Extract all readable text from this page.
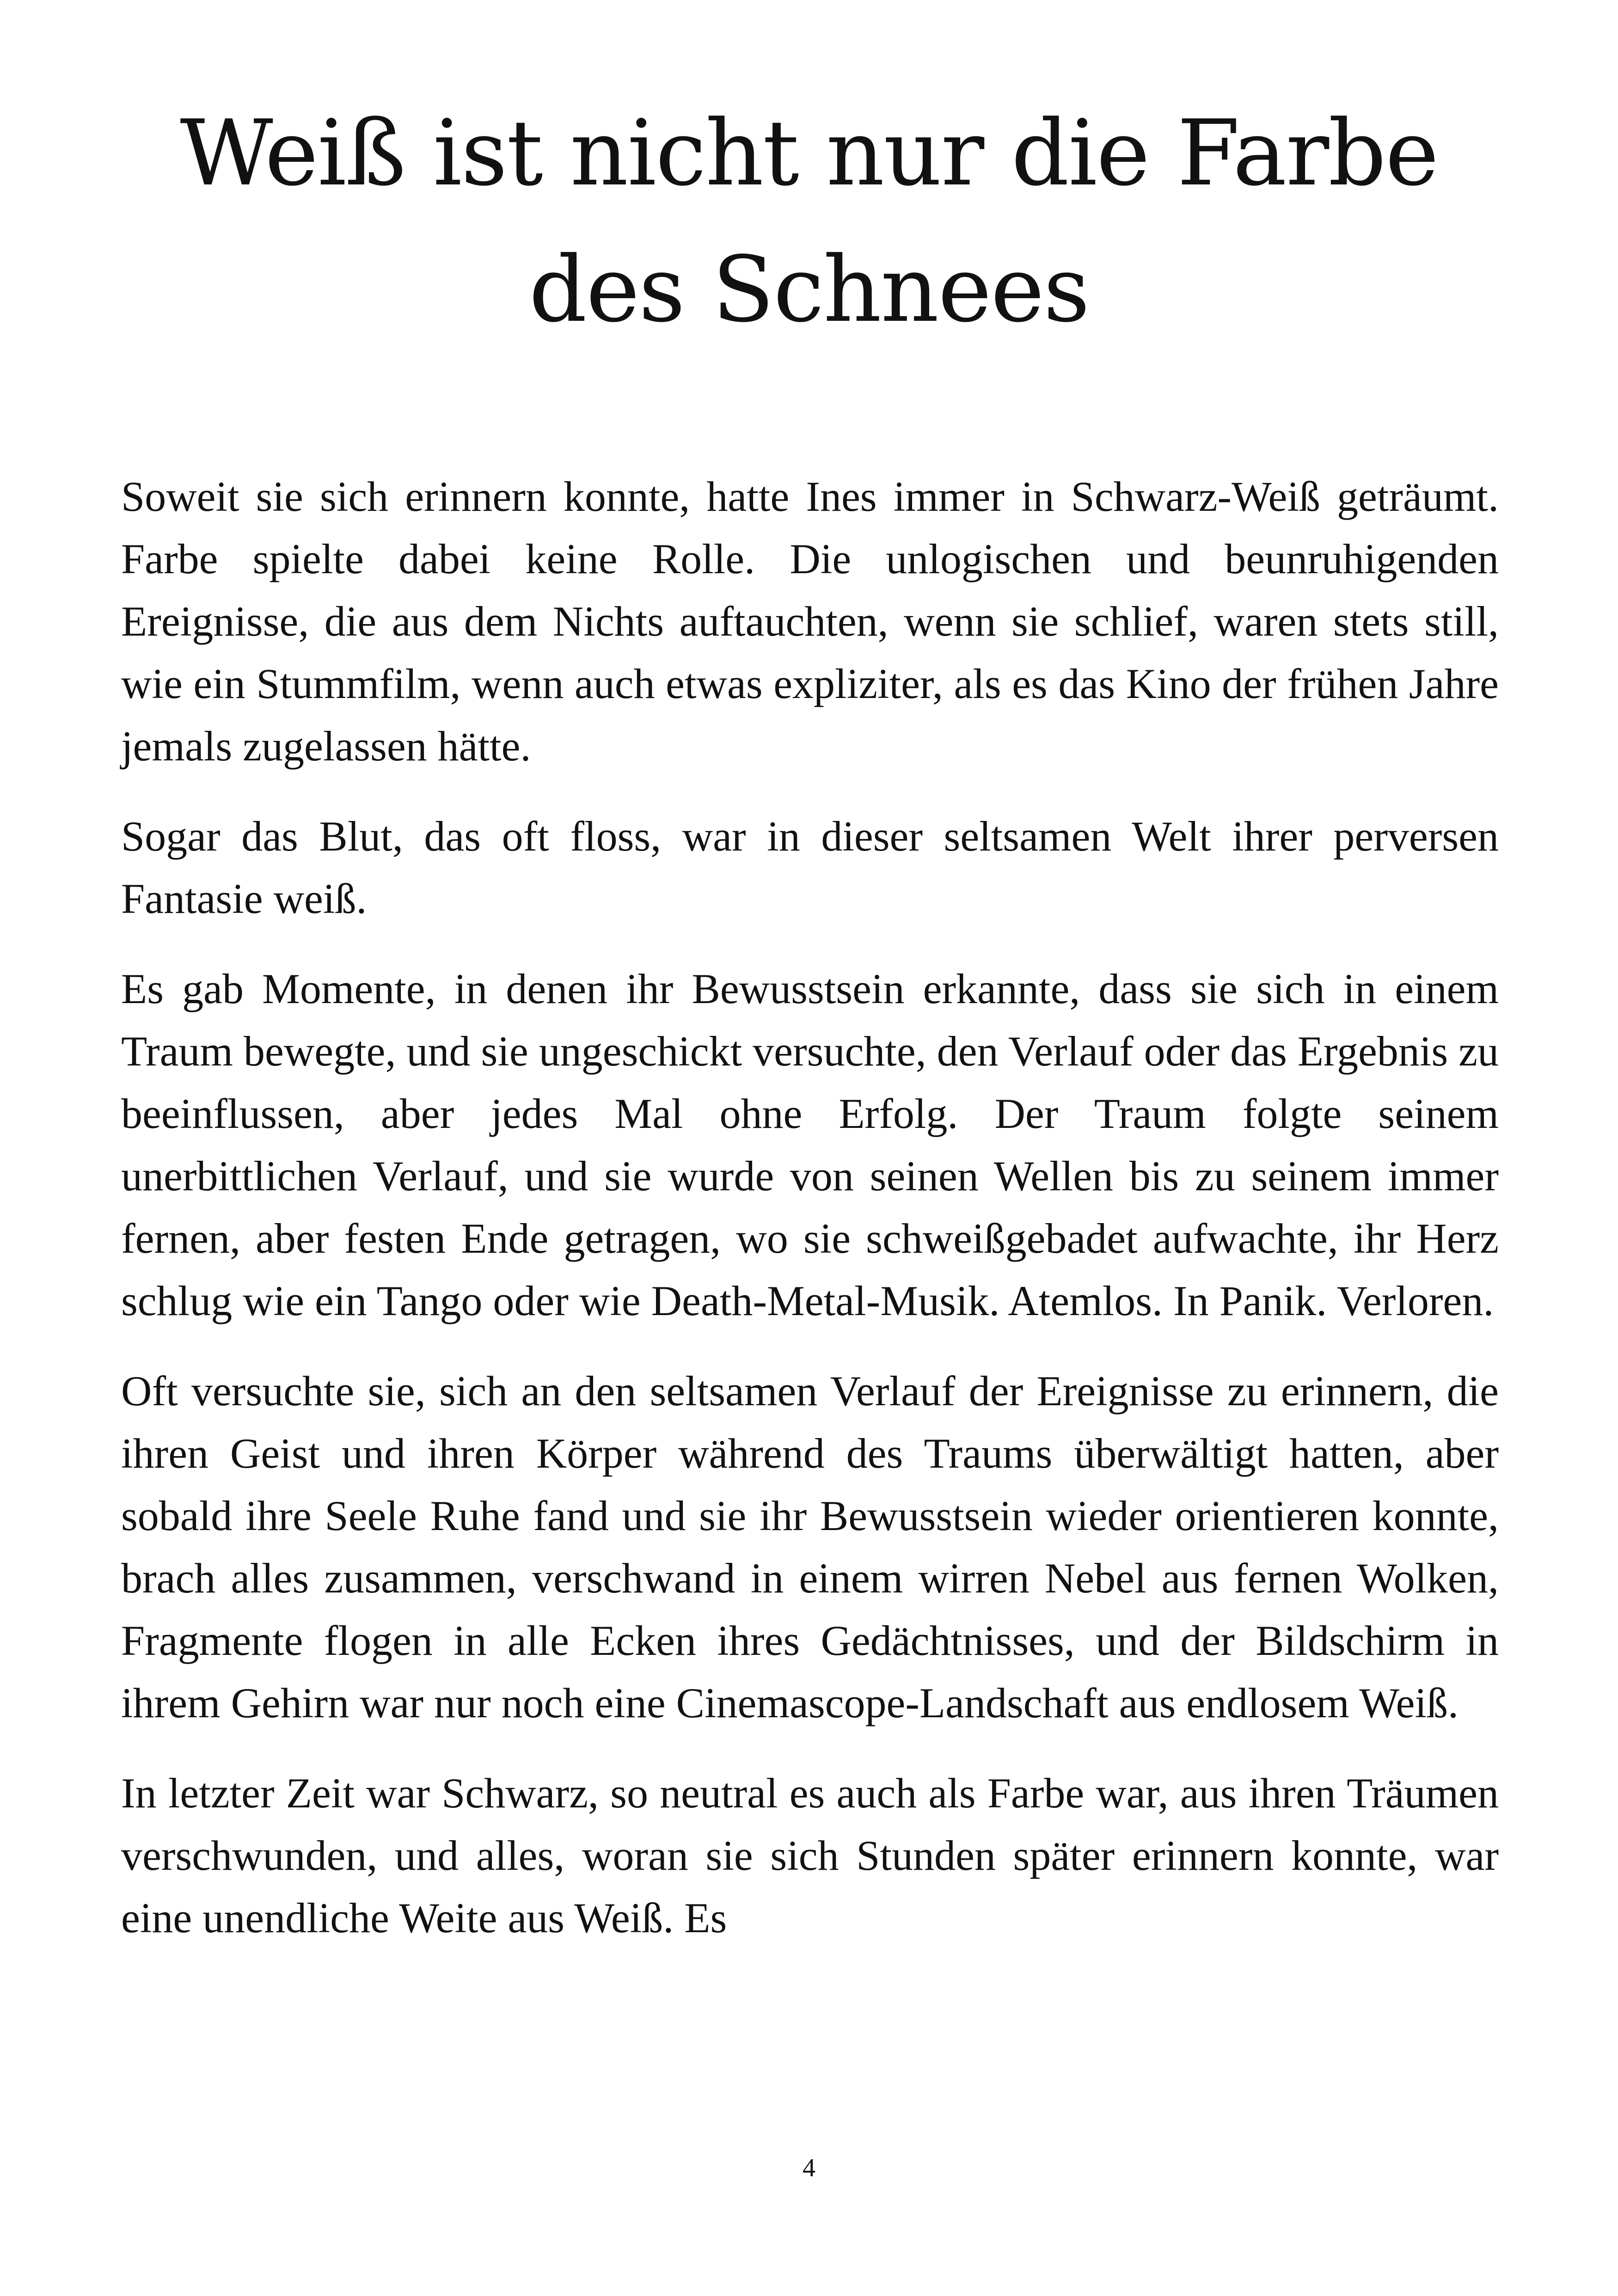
Weiß ist nicht nur die Farbe des Schnees

Soweit sie sich erinnern konnte, hatte Ines immer in Schwarz-Weiß geträumt. Farbe spielte dabei keine Rolle. Die unlogischen und beunruhigenden Ereignisse, die aus dem Nichts auftauchten, wenn sie schlief, waren stets still, wie ein Stummfilm, wenn auch etwas expliziter, als es das Kino der frühen Jahre jemals zugelassen hätte.

Sogar das Blut, das oft floss, war in dieser seltsamen Welt ihrer perversen Fantasie weiß.

Es gab Momente, in denen ihr Bewusstsein erkannte, dass sie sich in einem Traum bewegte, und sie ungeschickt versuchte, den Verlauf oder das Ergebnis zu beeinflussen, aber jedes Mal ohne Erfolg. Der Traum folgte seinem unerbittlichen Verlauf, und sie wurde von seinen Wellen bis zu seinem immer fernen, aber festen Ende getragen, wo sie schweißgebadet aufwachte, ihr Herz schlug wie ein Tango oder wie Death-Metal-Musik. Atemlos. In Panik. Verloren.

Oft versuchte sie, sich an den seltsamen Verlauf der Ereignisse zu erinnern, die ihren Geist und ihren Körper während des Traums überwältigt hatten, aber sobald ihre Seele Ruhe fand und sie ihr Bewusstsein wieder orientieren konnte, brach alles zusammen, verschwand in einem wirren Nebel aus fernen Wolken, Fragmente flogen in alle Ecken ihres Gedächtnisses, und der Bildschirm in ihrem Gehirn war nur noch eine Cinemascope-Landschaft aus endlosem Weiß.

In letzter Zeit war Schwarz, so neutral es auch als Farbe war, aus ihren Träumen verschwunden, und alles, woran sie sich Stunden später erinnern konnte, war eine unendliche Weite aus Weiß. Es

4
